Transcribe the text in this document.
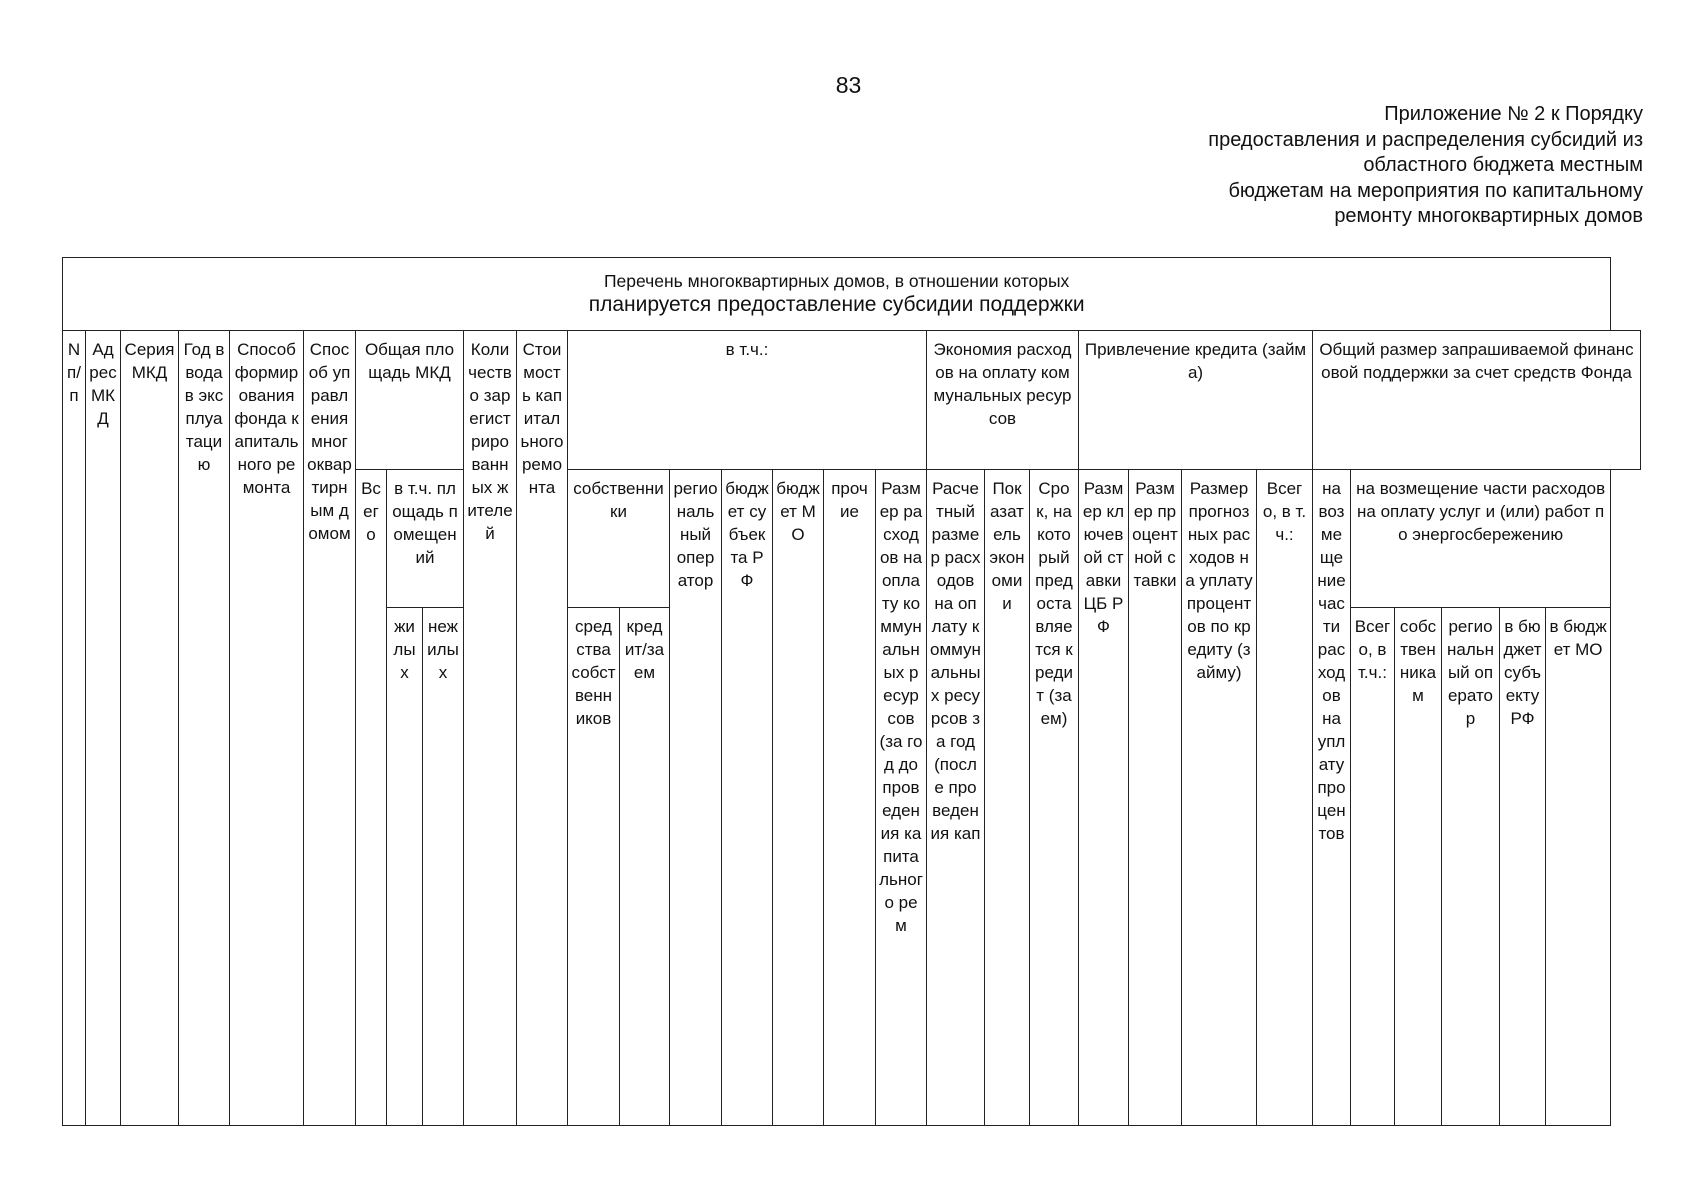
83
Приложение № 2 к Порядку
предоставления и распределения субсидий из
областного бюджета местным
бюджетам на мероприятия по капитальному
ремонту многоквартирных домов
Перечень многоквартирных домов, в отношении которых
планируется предоставление субсидии поддержки																														

N п/п	Адрес МКД	Серия МКД	Год ввода в эксплуатацию	Способ формирования фонда капитального ремонта	Способ управления многоквартирным домом	Общая площадь МКД			Количество зарегистрированных жителей	Стоимость капитального ремонта	в т.ч.:							Экономия расходов на оплату коммунальных ресурсов			Привлечение кредита (займа)				Общий размер запрашиваемой финансовой поддержки за счет средств Фонда					
						Всего	в т.ч. площадь помещений				собственники		региональный оператор	бюджет субъекта РФ	бюджет МО	прочие	Размер расходов на оплату коммунальных ресурсов (за год до проведения капитального рем	Расчетный размер расходов на оплату коммунальных ресурсов за год (после проведения кап	Показатель экономии	Срок, на который предоставляется кредит (заем)	Размер ключевой ставки ЦБ РФ	Размер процентной ставки	Размер прогнозных расходов на уплату процентов по кредиту (займу)	Всего, в т.ч.:	на возмещение части расходов на уплату процентов	на возмещение части расходов на оплату услуг и (или) работ по энергосбережению				
							жилых	нежилых			средства собственников	кредит/заем														Всего, в т.ч.:	собственника м	региональный оператор	в бюджет субъекту РФ	в бюджет МО
